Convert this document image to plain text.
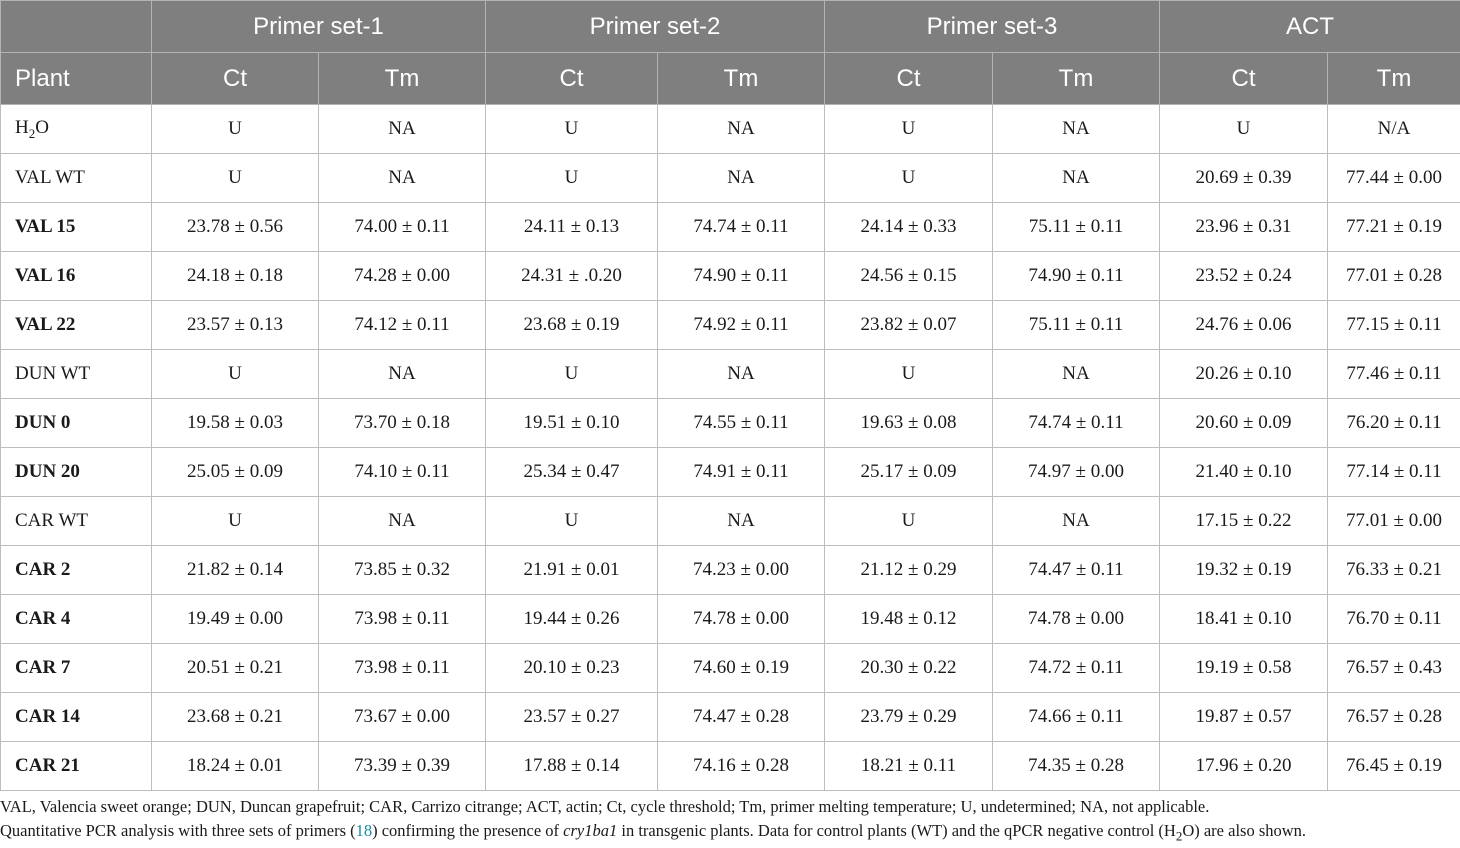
	Primer set-1		Primer set-2		Primer set-3		ACT	
Plant	Ct	Tm	Ct	Tm	Ct	Tm	Ct	Tm
$H_2O$	U	NA	U	NA	U	NA	U	N/A
VAL WT	U	NA	U	NA	U	NA	20.69 ± 0.39	77.44 ± 0.00
VAL 15	23.78 ± 0.56	74.00 ± 0.11	24.11 ± 0.13	74.74 ± 0.11	24.14 ± 0.33	75.11 ± 0.11	23.96 ± 0.31	77.21 ± 0.19
VAL 16	24.18 ± 0.18	74.28 ± 0.00	24.31 ± .0.20	74.90 ± 0.11	24.56 ± 0.15	74.90 ± 0.11	23.52 ± 0.24	77.01 ± 0.28
VAL 22	23.57 ± 0.13	74.12 ± 0.11	23.68 ± 0.19	74.92 ± 0.11	23.82 ± 0.07	75.11 ± 0.11	24.76 ± 0.06	77.15 ± 0.11
DUN WT	U	NA	U	NA	U	NA	20.26 ± 0.10	77.46 ± 0.11
DUN 0	19.58 ± 0.03	73.70 ± 0.18	19.51 ± 0.10	74.55 ± 0.11	19.63 ± 0.08	74.74 ± 0.11	20.60 ± 0.09	76.20 ± 0.11
DUN 20	25.05 ± 0.09	74.10 ± 0.11	25.34 ± 0.47	74.91 ± 0.11	25.17 ± 0.09	74.97 ± 0.00	21.40 ± 0.10	77.14 ± 0.11
CAR WT	U	NA	U	NA	U	NA	17.15 ± 0.22	77.01 ± 0.00
CAR 2	21.82 ± 0.14	73.85 ± 0.32	21.91 ± 0.01	74.23 ± 0.00	21.12 ± 0.29	74.47 ± 0.11	19.32 ± 0.19	76.33 ± 0.21
CAR 4	19.49 ± 0.00	73.98 ± 0.11	19.44 ± 0.26	74.78 ± 0.00	19.48 ± 0.12	74.78 ± 0.00	18.41 ± 0.10	76.70 ± 0.11
CAR 7	20.51 ± 0.21	73.98 ± 0.11	20.10 ± 0.23	74.60 ± 0.19	20.30 ± 0.22	74.72 ± 0.11	19.19 ± 0.58	76.57 ± 0.43
CAR 14	23.68 ± 0.21	73.67 ± 0.00	23.57 ± 0.27	74.47 ± 0.28	23.79 ± 0.29	74.66 ± 0.11	19.87 ± 0.57	76.57 ± 0.28
CAR 21	18.24 ± 0.01	73.39 ± 0.39	17.88 ± 0.14	74.16 ± 0.28	18.21 ± 0.11	74.35 ± 0.28	17.96 ± 0.20	76.45 ± 0.19

VAL, Valencia sweet orange; DUN, Duncan grapefruit; CAR, Carrizo citrange; ACT, actin; Ct, cycle threshold; Tm, primer melting temperature; U, undetermined; NA, not applicable.

Quantitative PCR analysis with three sets of primers (18) confirming the presence of cry1ba1 in transgenic plants. Data for control plants (WT) and the qPCR negative control $(H_2O)$ are also shown.
